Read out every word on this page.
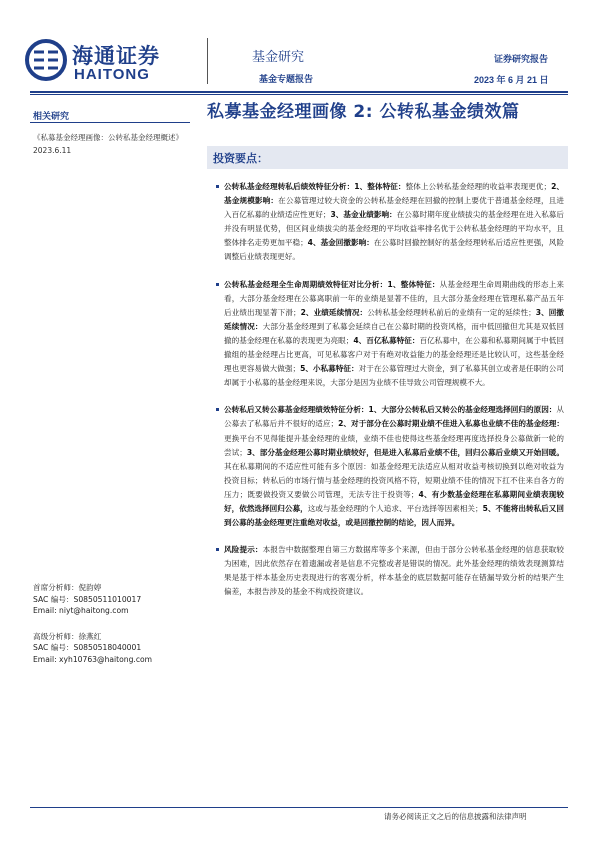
海通证券
HAITONG
基金研究
基金专题报告
证券研究报告
2023 年 6 月 21 日
私募基金经理画像 2: 公转私基金绩效篇
相关研究
《私募基金经理画像：公转私基金经理概述》2023.6.11
首席分析师：倪韵婷
SAC 编号：S0850511010017
Email: niyt@haitong.com
高级分析师：徐燕红
SAC 编号：S0850518040001
Email: xyh10763@haitong.com
投资要点：
公转私基金经理转私后绩效特征分析：1、整体特征：整体上公转私基金经理的收益率表现更优；2、基金规模影响：在公募管理过较大资金的公转私基金经理在回撤的控制上要优于普通基金经理，且进入百亿私募的业绩适应性更好；3、基金业绩影响：在公募时期年度业绩拔尖的基金经理在进入私募后并没有明显优势，但区间业绩拔尖的基金经理的平均收益率排名优于公转私基金经理的平均水平，且整体排名走势更加平稳；4、基金回撤影响：在公募时回撤控制好的基金经理转私后适应性更强，风险调整后业绩表现更好。
公转私基金经理全生命周期绩效特征对比分析：1、整体特征：从基金经理生命周期曲线的形态上来看，大部分基金经理在公募离职前一年的业绩是显著不佳的，且大部分基金经理在管理私募产品五年后业绩出现显著下滑；2、业绩延续情况：公转私基金经理转私前后的业绩有一定的延续性；3、回撤延续情况：大部分基金经理到了私募会延续自己在公募时期的投资风格，而中低回撤但尤其是双低回撤的基金经理在私募的表现更为亮眼；4、百亿私募特征：百亿私募中，在公募和私募期间属于中低回撤组的基金经理占比更高，可见私募客户对于有绝对收益能力的基金经理还是比较认可，这些基金经理也更容易做大做强；5、小私募特征：对于在公募管理过大资金，到了私募其创立或者是任职的公司却属于小私募的基金经理来说，大部分是因为业绩不佳导致公司管理规模不大。
公转私后又转公募基金经理绩效特征分析：1、大部分公转私后又转公的基金经理选择回归的原因：从公募去了私募后并不很好的适应；2、对于部分在公募时期业绩不佳进入私募也业绩不佳的基金经理：更换平台不见得能提升基金经理的业绩，业绩不佳也使得这些基金经理再度选择投身公募做新一轮的尝试；3、部分基金经理公募时期业绩较好，但是进入私募后业绩不佳，回归公募后业绩又开始回暖。其在私募期间的不适应性可能有多个原因：如基金经理无法适应从相对收益考核切换到以绝对收益为投资目标；转私后的市场行情与基金经理的投资风格不符，短期业绩不佳的情况下扛不住来自各方的压力；既要做投资又要做公司管理，无法专注于投资等；4、有少数基金经理在私募期间业绩表现较好，依然选择回归公募，这或与基金经理的个人追求、平台选择等因素相关；5、不能将出转私后又回到公募的基金经理更注重绝对收益，或是回撤控制的结论，因人而异。
风险提示：本报告中数据整理自第三方数据库等多个来源，但由于部分公转私基金经理的信息获取较为困难，因此依然存在着遗漏或者是信息不完整或者是错误的情况。此外基金经理的绩效表现测算结果是基于样本基金历史表现进行的客观分析，样本基金的底层数据可能存在错漏导致分析的结果产生偏差，本报告涉及的基金不构成投资建议。
请务必阅读正文之后的信息披露和法律声明
